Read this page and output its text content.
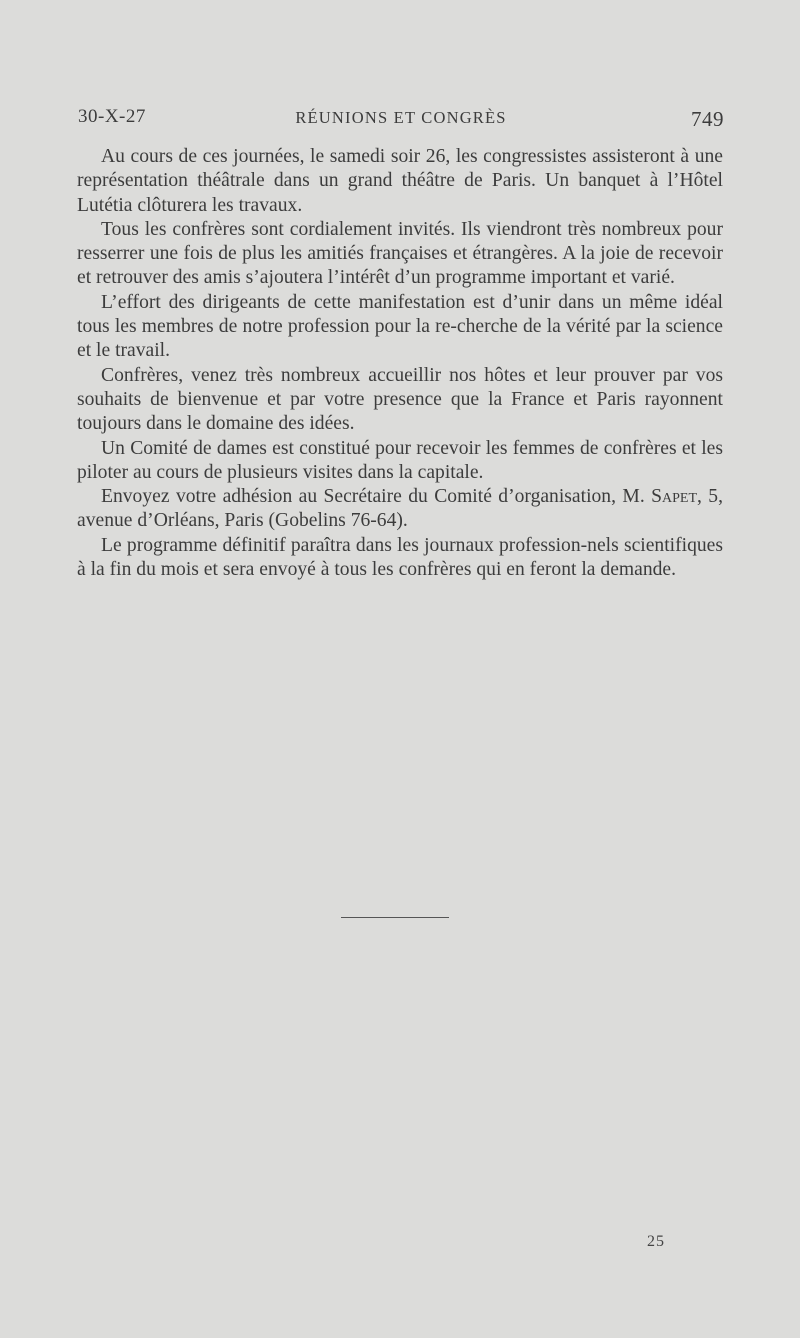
30-X-27	RÉUNIONS ET CONGRÈS	749

Au cours de ces journées, le samedi soir 26, les congressistes assisteront à une représentation théâtrale dans un grand théâtre de Paris. Un banquet à l’Hôtel Lutétia clôturera les travaux.

Tous les confrères sont cordialement invités. Ils viendront très nombreux pour resserrer une fois de plus les amitiés françaises et étrangères. A la joie de recevoir et retrouver des amis s’ajoutera l’intérêt d’un programme important et varié.

L’effort des dirigeants de cette manifestation est d’unir dans un même idéal tous les membres de notre profession pour la re-cherche de la vérité par la science et le travail.

Confrères, venez très nombreux accueillir nos hôtes et leur prouver par vos souhaits de bienvenue et par votre presence que la France et Paris rayonnent toujours dans le domaine des idées.

Un Comité de dames est constitué pour recevoir les femmes de confrères et les piloter au cours de plusieurs visites dans la capitale.

Envoyez votre adhésion au Secrétaire du Comité d’organisation, M. Sapet, 5, avenue d’Orléans, Paris (Gobelins 76-64).

Le programme définitif paraîtra dans les journaux profession-nels scientifiques à la fin du mois et sera envoyé à tous les confrères qui en feront la demande.

25
